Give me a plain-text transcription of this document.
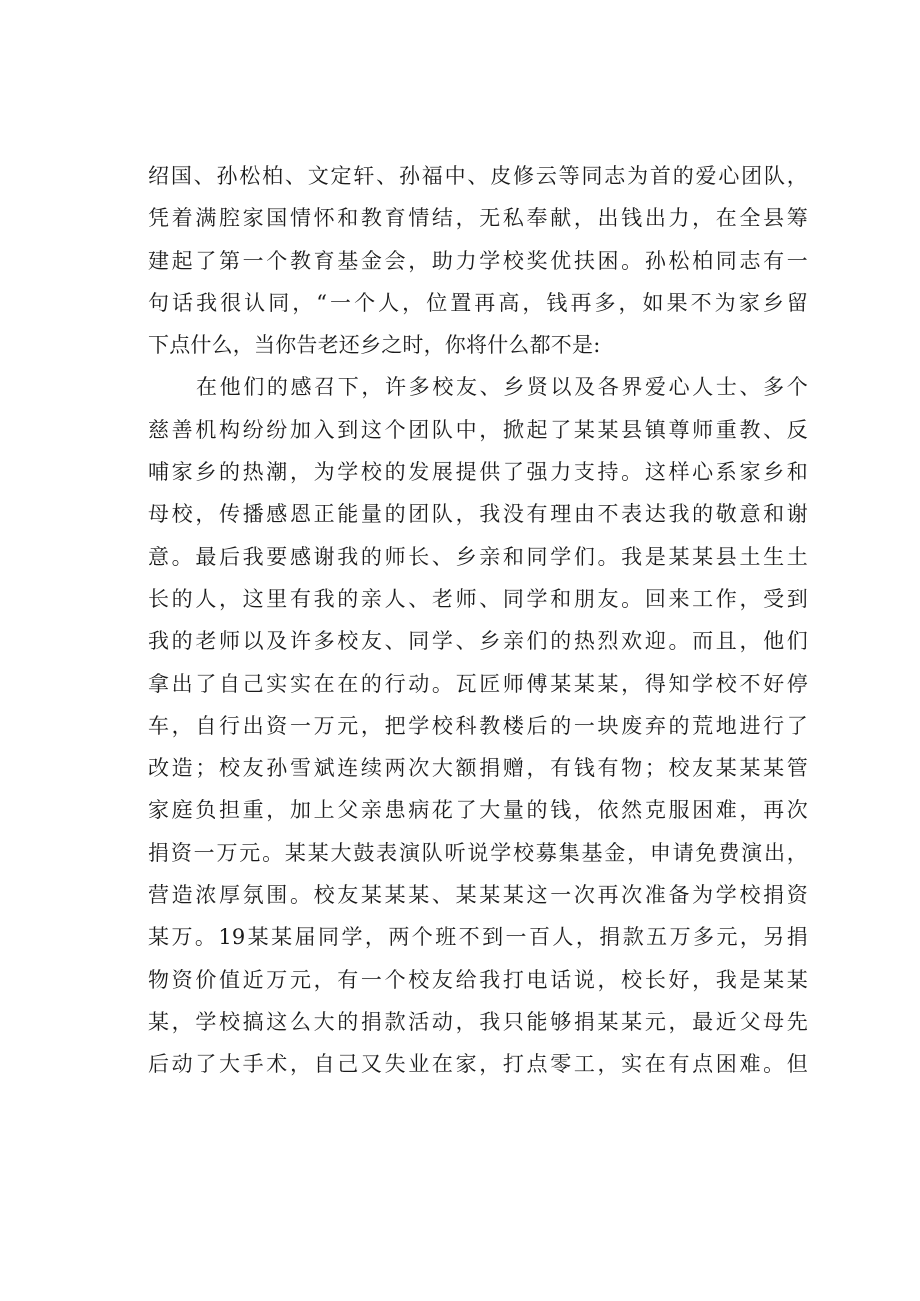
绍国、孙松柏、文定轩、孙福中、皮修云等同志为首的爱心团队，
凭着满腔家国情怀和教育情结，无私奉献，出钱出力，在全县筹
建起了第一个教育基金会，助力学校奖优扶困。孙松柏同志有一
句话我很认同，“一个人，位置再高，钱再多，如果不为家乡留
下点什么，当你告老还乡之时，你将什么都不是:
在他们的感召下，许多校友、乡贤以及各界爱心人士、多个
慈善机构纷纷加入到这个团队中，掀起了某某县镇尊师重教、反
哺家乡的热潮，为学校的发展提供了强力支持。这样心系家乡和
母校，传播感恩正能量的团队，我没有理由不表达我的敬意和谢
意。最后我要感谢我的师长、乡亲和同学们。我是某某县土生土
长的人，这里有我的亲人、老师、同学和朋友。回来工作，受到
我的老师以及许多校友、同学、乡亲们的热烈欢迎。而且，他们
拿出了自己实实在在的行动。瓦匠师傅某某某，得知学校不好停
车，自行出资一万元，把学校科教楼后的一块废弃的荒地进行了
改造；校友孙雪斌连续两次大额捐赠，有钱有物；校友某某某管
家庭负担重，加上父亲患病花了大量的钱，依然克服困难，再次
捐资一万元。某某大鼓表演队听说学校募集基金，申请免费演出，
营造浓厚氛围。校友某某某、某某某这一次再次准备为学校捐资
某万。19某某届同学，两个班不到一百人，捐款五万多元，另捐
物资价值近万元，有一个校友给我打电话说，校长好，我是某某
某，学校搞这么大的捐款活动，我只能够捐某某元，最近父母先
后动了大手术，自己又失业在家，打点零工，实在有点困难。但
